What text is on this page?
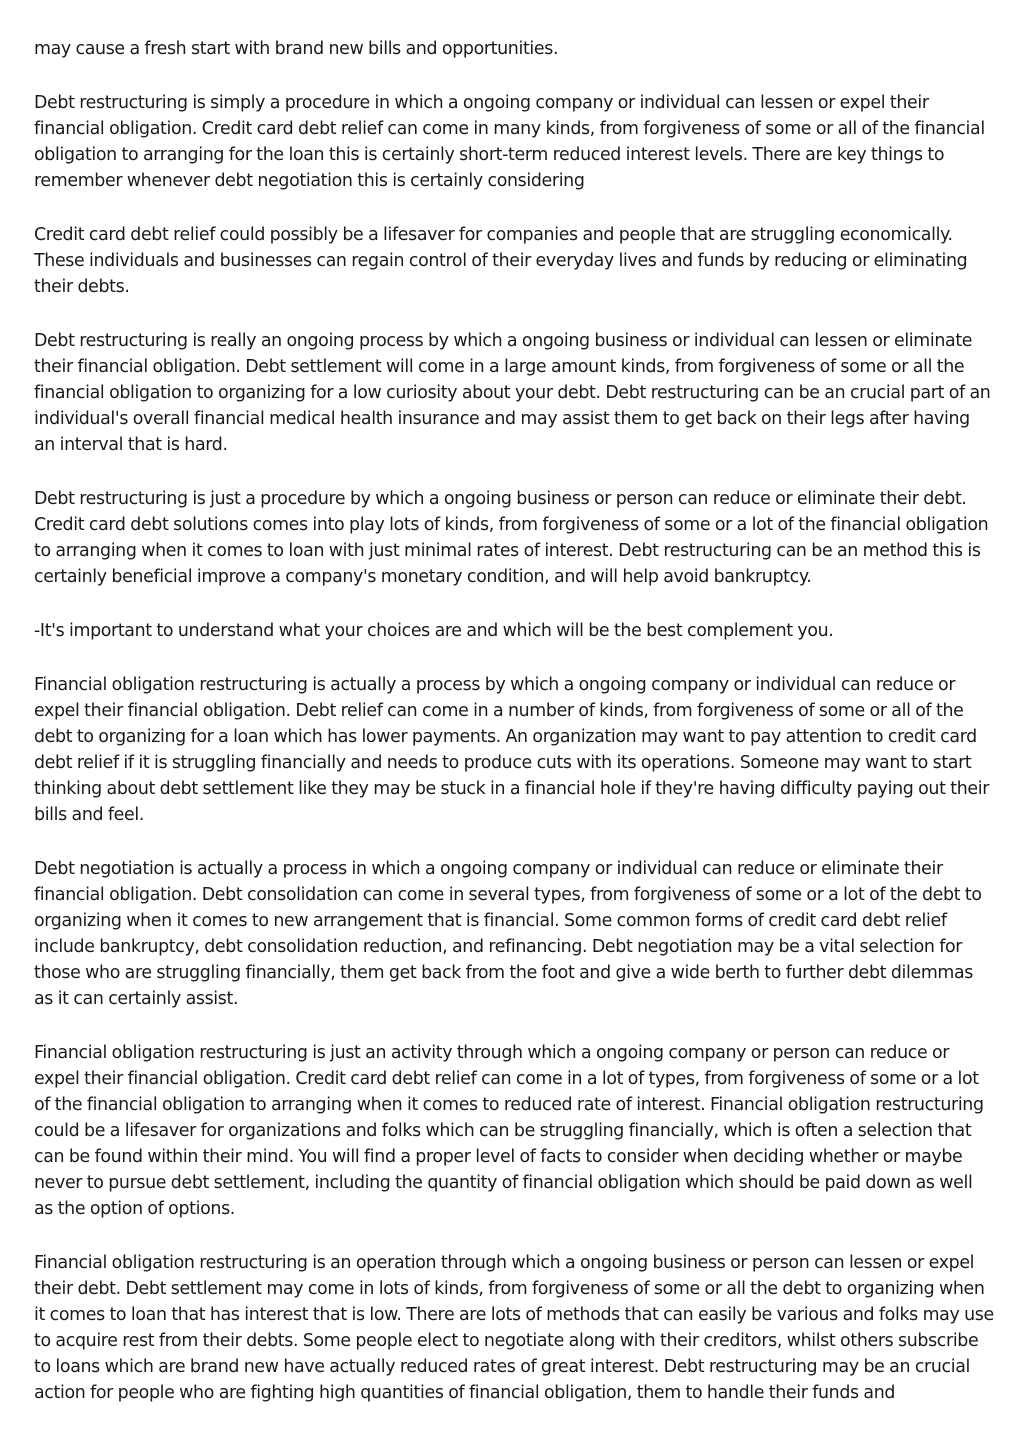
may cause a fresh start with brand new bills and opportunities.

Debt restructuring is simply a procedure in which a ongoing company or individual can lessen or expel their financial obligation. Credit card debt relief can come in many kinds, from forgiveness of some or all of the financial obligation to arranging for the loan this is certainly short-term reduced interest levels. There are key things to remember whenever debt negotiation this is certainly considering

Credit card debt relief could possibly be a lifesaver for companies and people that are struggling economically. These individuals and businesses can regain control of their everyday lives and funds by reducing or eliminating their debts.

Debt restructuring is really an ongoing process by which a ongoing business or individual can lessen or eliminate their financial obligation. Debt settlement will come in a large amount kinds, from forgiveness of some or all the financial obligation to organizing for a low curiosity about your debt. Debt restructuring can be an crucial part of an individual's overall financial medical health insurance and may assist them to get back on their legs after having an interval that is hard.

Debt restructuring is just a procedure by which a ongoing business or person can reduce or eliminate their debt. Credit card debt solutions comes into play lots of kinds, from forgiveness of some or a lot of the financial obligation to arranging when it comes to loan with just minimal rates of interest. Debt restructuring can be an method this is certainly beneficial improve a company's monetary condition, and will help avoid bankruptcy.

-It's important to understand what your choices are and which will be the best complement you.

Financial obligation restructuring is actually a process by which a ongoing company or individual can reduce or expel their financial obligation. Debt relief can come in a number of kinds, from forgiveness of some or all of the debt to organizing for a loan which has lower payments. An organization may want to pay attention to credit card debt relief if it is struggling financially and needs to produce cuts with its operations. Someone may want to start thinking about debt settlement like they may be stuck in a financial hole if they're having difficulty paying out their bills and feel.

Debt negotiation is actually a process in which a ongoing company or individual can reduce or eliminate their financial obligation. Debt consolidation can come in several types, from forgiveness of some or a lot of the debt to organizing when it comes to new arrangement that is financial. Some common forms of credit card debt relief include bankruptcy, debt consolidation reduction, and refinancing. Debt negotiation may be a vital selection for those who are struggling financially, them get back from the foot and give a wide berth to further debt dilemmas as it can certainly assist.

Financial obligation restructuring is just an activity through which a ongoing company or person can reduce or expel their financial obligation. Credit card debt relief can come in a lot of types, from forgiveness of some or a lot of the financial obligation to arranging when it comes to reduced rate of interest. Financial obligation restructuring could be a lifesaver for organizations and folks which can be struggling financially, which is often a selection that can be found within their mind. You will find a proper level of facts to consider when deciding whether or maybe never to pursue debt settlement, including the quantity of financial obligation which should be paid down as well as the option of options.

Financial obligation restructuring is an operation through which a ongoing business or person can lessen or expel their debt. Debt settlement may come in lots of kinds, from forgiveness of some or all the debt to organizing when it comes to loan that has interest that is low. There are lots of methods that can easily be various and folks may use to acquire rest from their debts. Some people elect to negotiate along with their creditors, whilst others subscribe to loans which are brand new have actually reduced rates of great interest. Debt restructuring may be an crucial action for people who are fighting high quantities of financial obligation, them to handle their funds and
